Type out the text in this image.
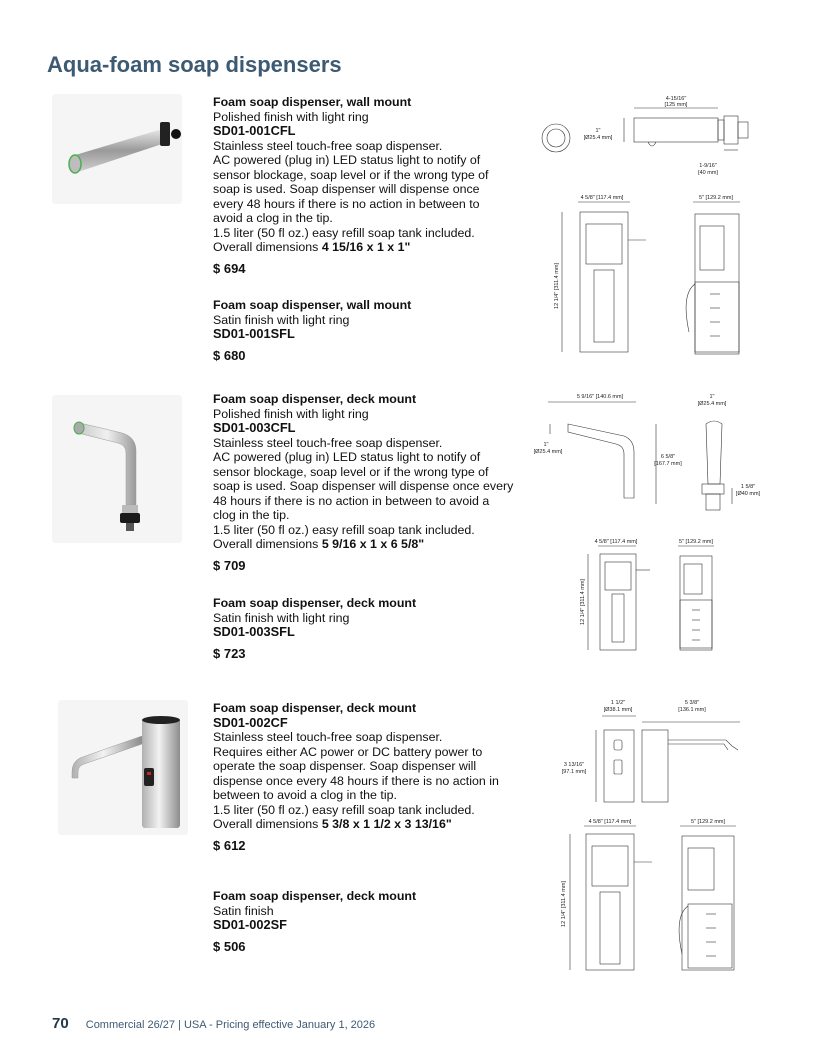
Aqua-foam soap dispensers
Foam soap dispenser, wall mount
Polished finish with light ring
SD01-001CFL
Stainless steel touch-free soap dispenser.
AC powered (plug in) LED status light to notify of
sensor blockage, soap level or if the wrong type of
soap is used. Soap dispenser will dispense once
every 48 hours if there is no action in between to
avoid a clog in the tip.
1.5 liter (50 fl oz.) easy refill soap tank included.
Overall dimensions 4 15/16 x 1 x 1"
$ 694
Foam soap dispenser, wall mount
Satin finish with light ring
SD01-001SFL
$ 680
Foam soap dispenser, deck mount
Polished finish with light ring
SD01-003CFL
Stainless steel touch-free soap dispenser.
AC powered (plug in) LED status light to notify of
sensor blockage, soap level or if the wrong type of
soap is used. Soap dispenser will dispense once every
48 hours if there is no action in between to avoid a
clog in the tip.
1.5 liter (50 fl oz.) easy refill soap tank included.
Overall dimensions 5 9/16 x 1 x 6 5/8"
$ 709
Foam soap dispenser, deck mount
Satin finish with light ring
SD01-003SFL
$ 723
Foam soap dispenser, deck mount
SD01-002CF
Stainless steel touch-free soap dispenser.
Requires either AC power or DC battery power to
operate the soap dispenser. Soap dispenser will
dispense once every 48 hours if there is no action in
between to avoid a clog in the tip.
1.5 liter (50 fl oz.) easy refill soap tank included.
Overall dimensions 5 3/8 x 1 1/2 x 3 13/16"
$ 612
Foam soap dispenser, deck mount
Satin finish
SD01-002SF
$ 506
4-15/16"
[125 mm]
1"
[Ø25.4 mm]
1-9/16"
[40 mm]
4 5/8" [117.4 mm]	5" [129.2 mm]
12 1/4" [311.4 mm]
5 9/16" [140.6 mm]
1"
[Ø25.4 mm]
1"
[Ø25.4 mm]
6 5/8"
[167.7 mm]
1 5/8"
[Ø40 mm]
4 5/8" [117.4 mm]	5" [129.2 mm]
12 1/4" [311.4 mm]
1 1/2"
[Ø38.1 mm]
5 3/8"
[136.1 mm]
3 13/16"
[97.1 mm]
4 5/8" [117.4 mm]	5" [129.2 mm]
12 1/4" [311.4 mm]
70 Commercial 26/27 | USA - Pricing effective January 1, 2026
